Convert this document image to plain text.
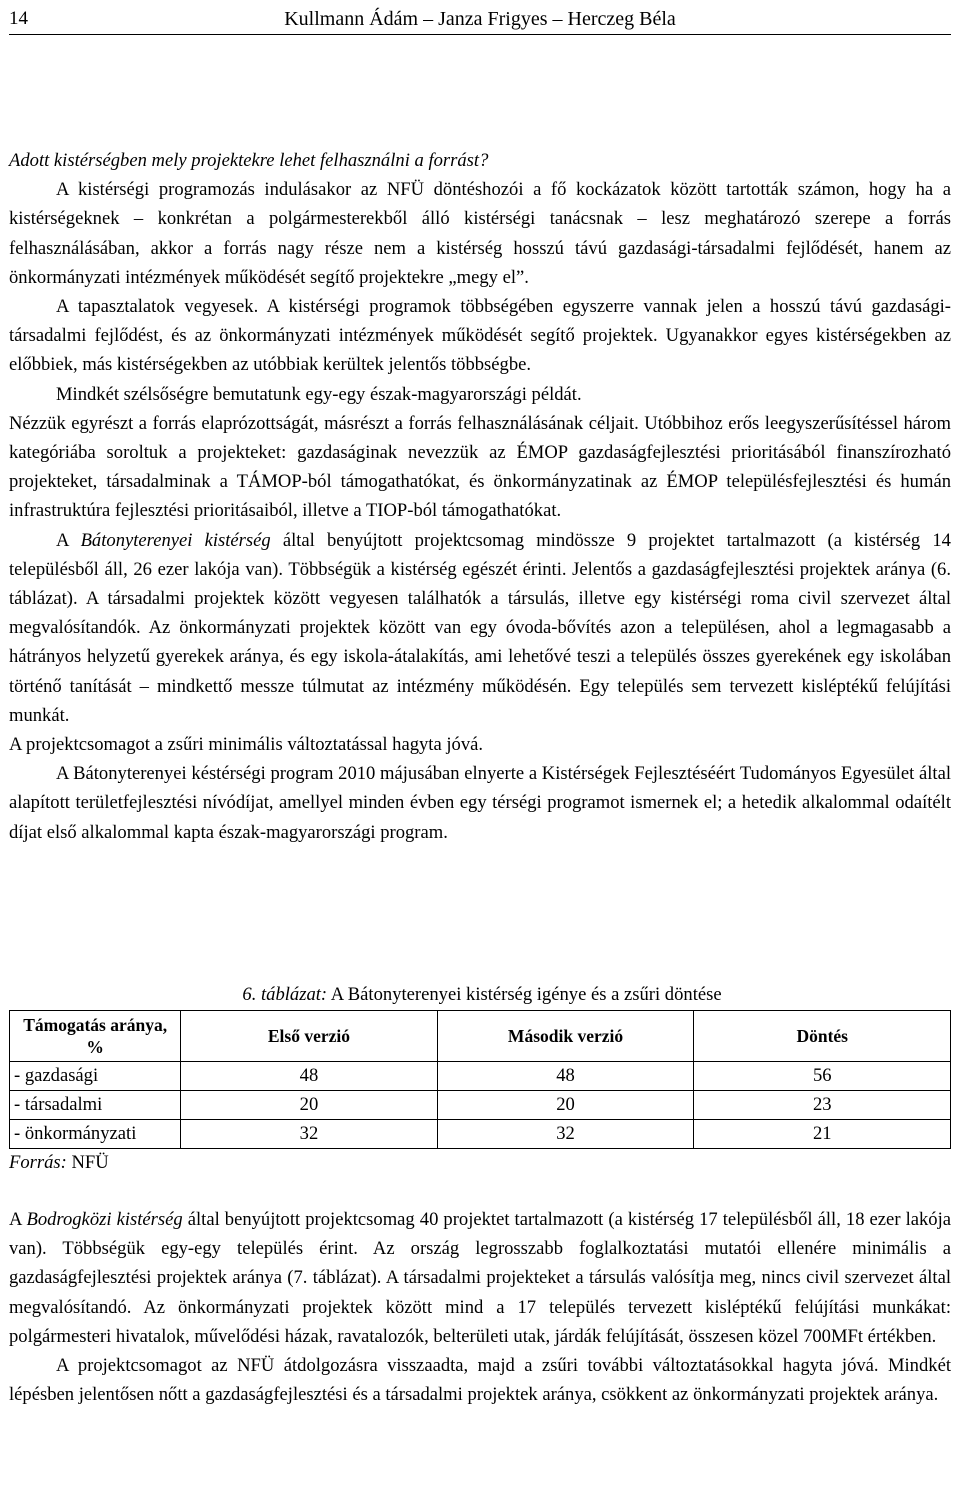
14	Kullmann Ádám – Janza Frigyes – Herczeg Béla

Adott kistérségben mely projektekre lehet felhasználni a forrást?

A kistérségi programozás indulásakor az NFÜ döntéshozói a fő kockázatok között tartották számon, hogy ha a kistérségeknek – konkrétan a polgármesterekből álló kistérségi tanácsnak – lesz meghatározó szerepe a forrás felhasználásában, akkor a forrás nagy része nem a kistérség hosszú távú gazdasági-társadalmi fejlődését, hanem az önkormányzati intézmények működését segítő projektekre „megy el”.

A tapasztalatok vegyesek. A kistérségi programok többségében egyszerre vannak jelen a hosszú távú gazdasági-társadalmi fejlődést, és az önkormányzati intézmények működését segítő projektek. Ugyanakkor egyes kistérségekben az előbbiek, más kistérségekben az utóbbiak kerültek jelentős többségbe.

Mindkét szélsőségre bemutatunk egy-egy észak-magyarországi példát.

Nézzük egyrészt a forrás elaprózottságát, másrészt a forrás felhasználásának céljait. Utóbbihoz erős leegyszerűsítéssel három kategóriába soroltuk a projekteket: gazdaságinak nevezzük az ÉMOP gazdaságfejlesztési prioritásából finanszírozható projekteket, társadalminak a TÁMOP-ból támogathatókat, és önkormányzatinak az ÉMOP településfejlesztési és humán infrastruktúra fejlesztési prioritásaiból, illetve a TIOP-ból támogathatókat.

A Bátonyterenyei kistérség által benyújtott projektcsomag mindössze 9 projektet tartalmazott (a kistérség 14 településből áll, 26 ezer lakója van). Többségük a kistérség egészét érinti. Jelentős a gazdaságfejlesztési projektek aránya (6. táblázat). A társadalmi projektek között vegyesen találhatók a társulás, illetve egy kistérségi roma civil szervezet által megvalósítandók. Az önkormányzati projektek között van egy óvoda-bővítés azon a településen, ahol a legmagasabb a hátrányos helyzetű gyerekek aránya, és egy iskola-átalakítás, ami lehetővé teszi a település összes gyerekének egy iskolában történő tanítását – mindkettő messze túlmutat az intézmény működésén. Egy település sem tervezett kisléptékű felújítási munkát.

A projektcsomagot a zsűri minimális változtatással hagyta jóvá.

A Bátonyterenyei késtérségi program 2010 májusában elnyerte a Kistérségek Fejlesztéséért Tudományos Egyesület által alapított területfejlesztési nívódíjat, amellyel minden évben egy térségi programot ismernek el; a hetedik alkalommal odaítélt díjat első alkalommal kapta észak-magyarországi program.

6. táblázat: A Bátonyterenyei kistérség igénye és a zsűri döntése
Támogatás aránya, %	Első verzió	Második verzió	Döntés
- gazdasági	48	48	56
- társadalmi	20	20	23
- önkormányzati	32	32	21
Forrás: NFÜ

A Bodrogközi kistérség által benyújtott projektcsomag 40 projektet tartalmazott (a kistérség 17 településből áll, 18 ezer lakója van). Többségük egy-egy település érint. Az ország legrosszabb foglalkoztatási mutatói ellenére minimális a gazdaságfejlesztési projektek aránya (7. táblázat). A társadalmi projekteket a társulás valósítja meg, nincs civil szervezet által megvalósítandó. Az önkormányzati projektek között mind a 17 település tervezett kisléptékű felújítási munkákat: polgármesteri hivatalok, művelődési házak, ravatalozók, belterületi utak, járdák felújítását, összesen közel 700MFt értékben.

A projektcsomagot az NFÜ átdolgozásra visszaadta, majd a zsűri további változtatásokkal hagyta jóvá. Mindkét lépésben jelentősen nőtt a gazdaságfejlesztési és a társadalmi projektek aránya, csökkent az önkormányzati projektek aránya.
